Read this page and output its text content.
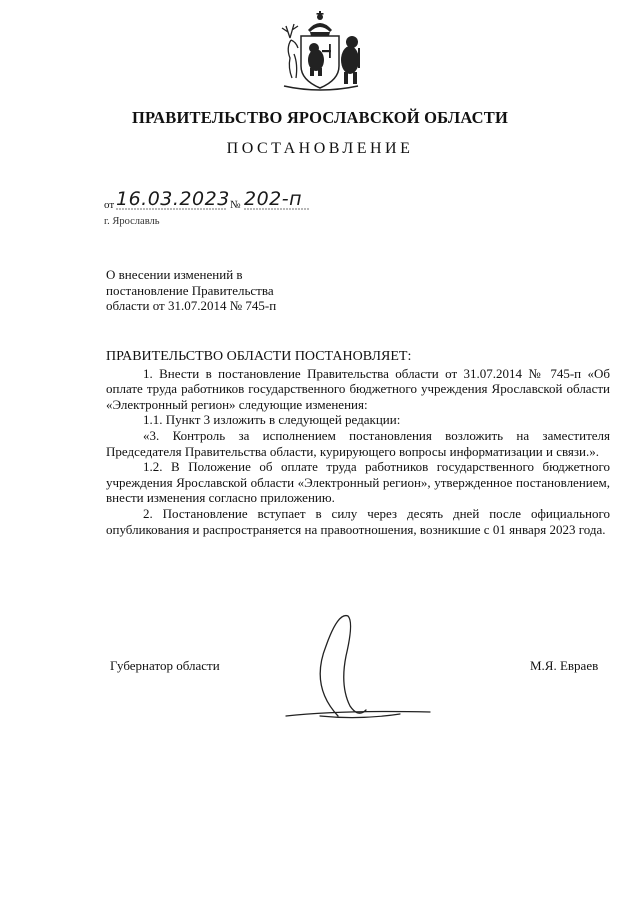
ПРАВИТЕЛЬСТВО ЯРОСЛАВСКОЙ ОБЛАСТИ
ПОСТАНОВЛЕНИЕ
от 16.03.2023 № 202-п
г. Ярославль
О внесении изменений в
постановление Правительства
области от 31.07.2014 № 745-п

ПРАВИТЕЛЬСТВО ОБЛАСТИ ПОСТАНОВЛЯЕТ:

1. Внести в постановление Правительства области от 31.07.2014 № 745-п «Об оплате труда работников государственного бюджетного учреждения Ярославской области «Электронный регион» следующие изменения:

1.1. Пункт 3 изложить в следующей редакции:

«3. Контроль за исполнением постановления возложить на заместителя Председателя Правительства области, курирующего вопросы информатизации и связи.».

1.2. В Положение об оплате труда работников государственного бюджетного учреждения Ярославской области «Электронный регион», утвержденное постановлением, внести изменения согласно приложению.

2. Постановление вступает в силу через десять дней после официального опубликования и распространяется на правоотношения, возникшие с 01 января 2023 года.

Губернатор области	М.Я. Евраев
